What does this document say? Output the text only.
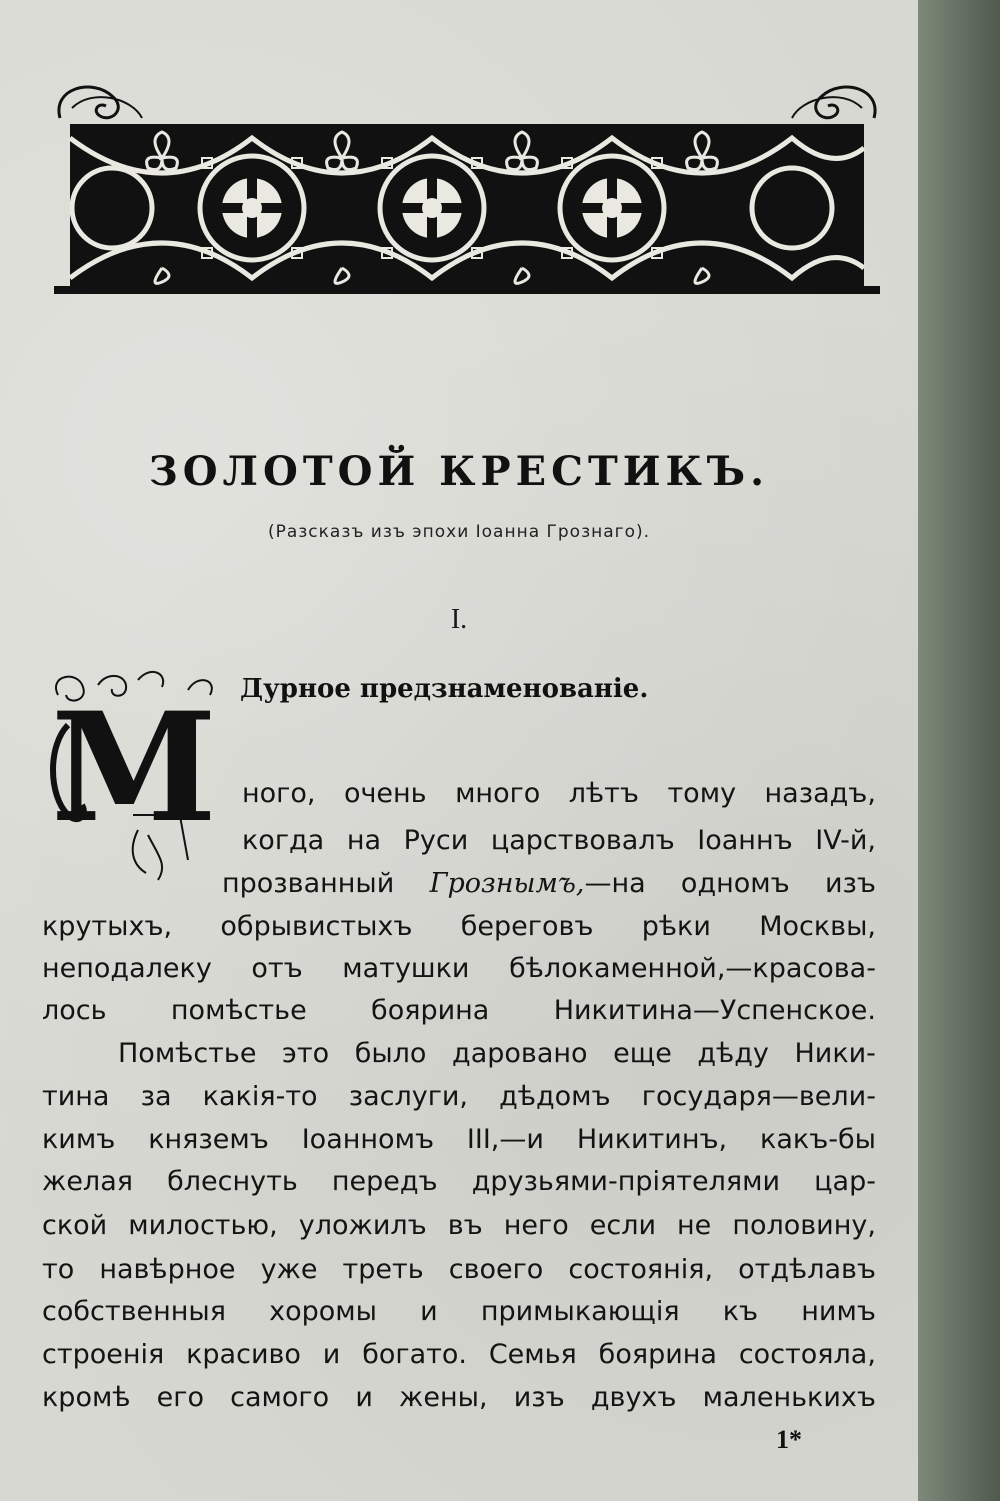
ЗОЛОТОЙ КРЕСТИКЪ.
(Разсказъ изъ эпохи Іоанна Грознаго).
I.
Дурное предзнаменованіе.
М ного, очень много лѣтъ тому назадъ,
когда на Руси царствовалъ Іоаннъ IV-й,
прозванный Грознымъ,—на одномъ изъ
крутыхъ, обрывистыхъ береговъ рѣки Москвы,
неподалеку отъ матушки бѣлокаменной,—красова-
лось помѣстье боярина Никитина—Успенское.
Помѣстье это было даровано еще дѣду Ники-
тина за какія-то заслуги, дѣдомъ государя—вели-
кимъ княземъ Іоанномъ III,—и Никитинъ, какъ-бы
желая блеснуть передъ друзьями-пріятелями цар-
ской милостью, уложилъ въ него если не половину,
то навѣрное уже треть своего состоянія, отдѣлавъ
собственныя хоромы и примыкающія къ нимъ
строенія красиво и богато. Семья боярина состояла,
кромѣ его самого и жены, изъ двухъ маленькихъ
1*
